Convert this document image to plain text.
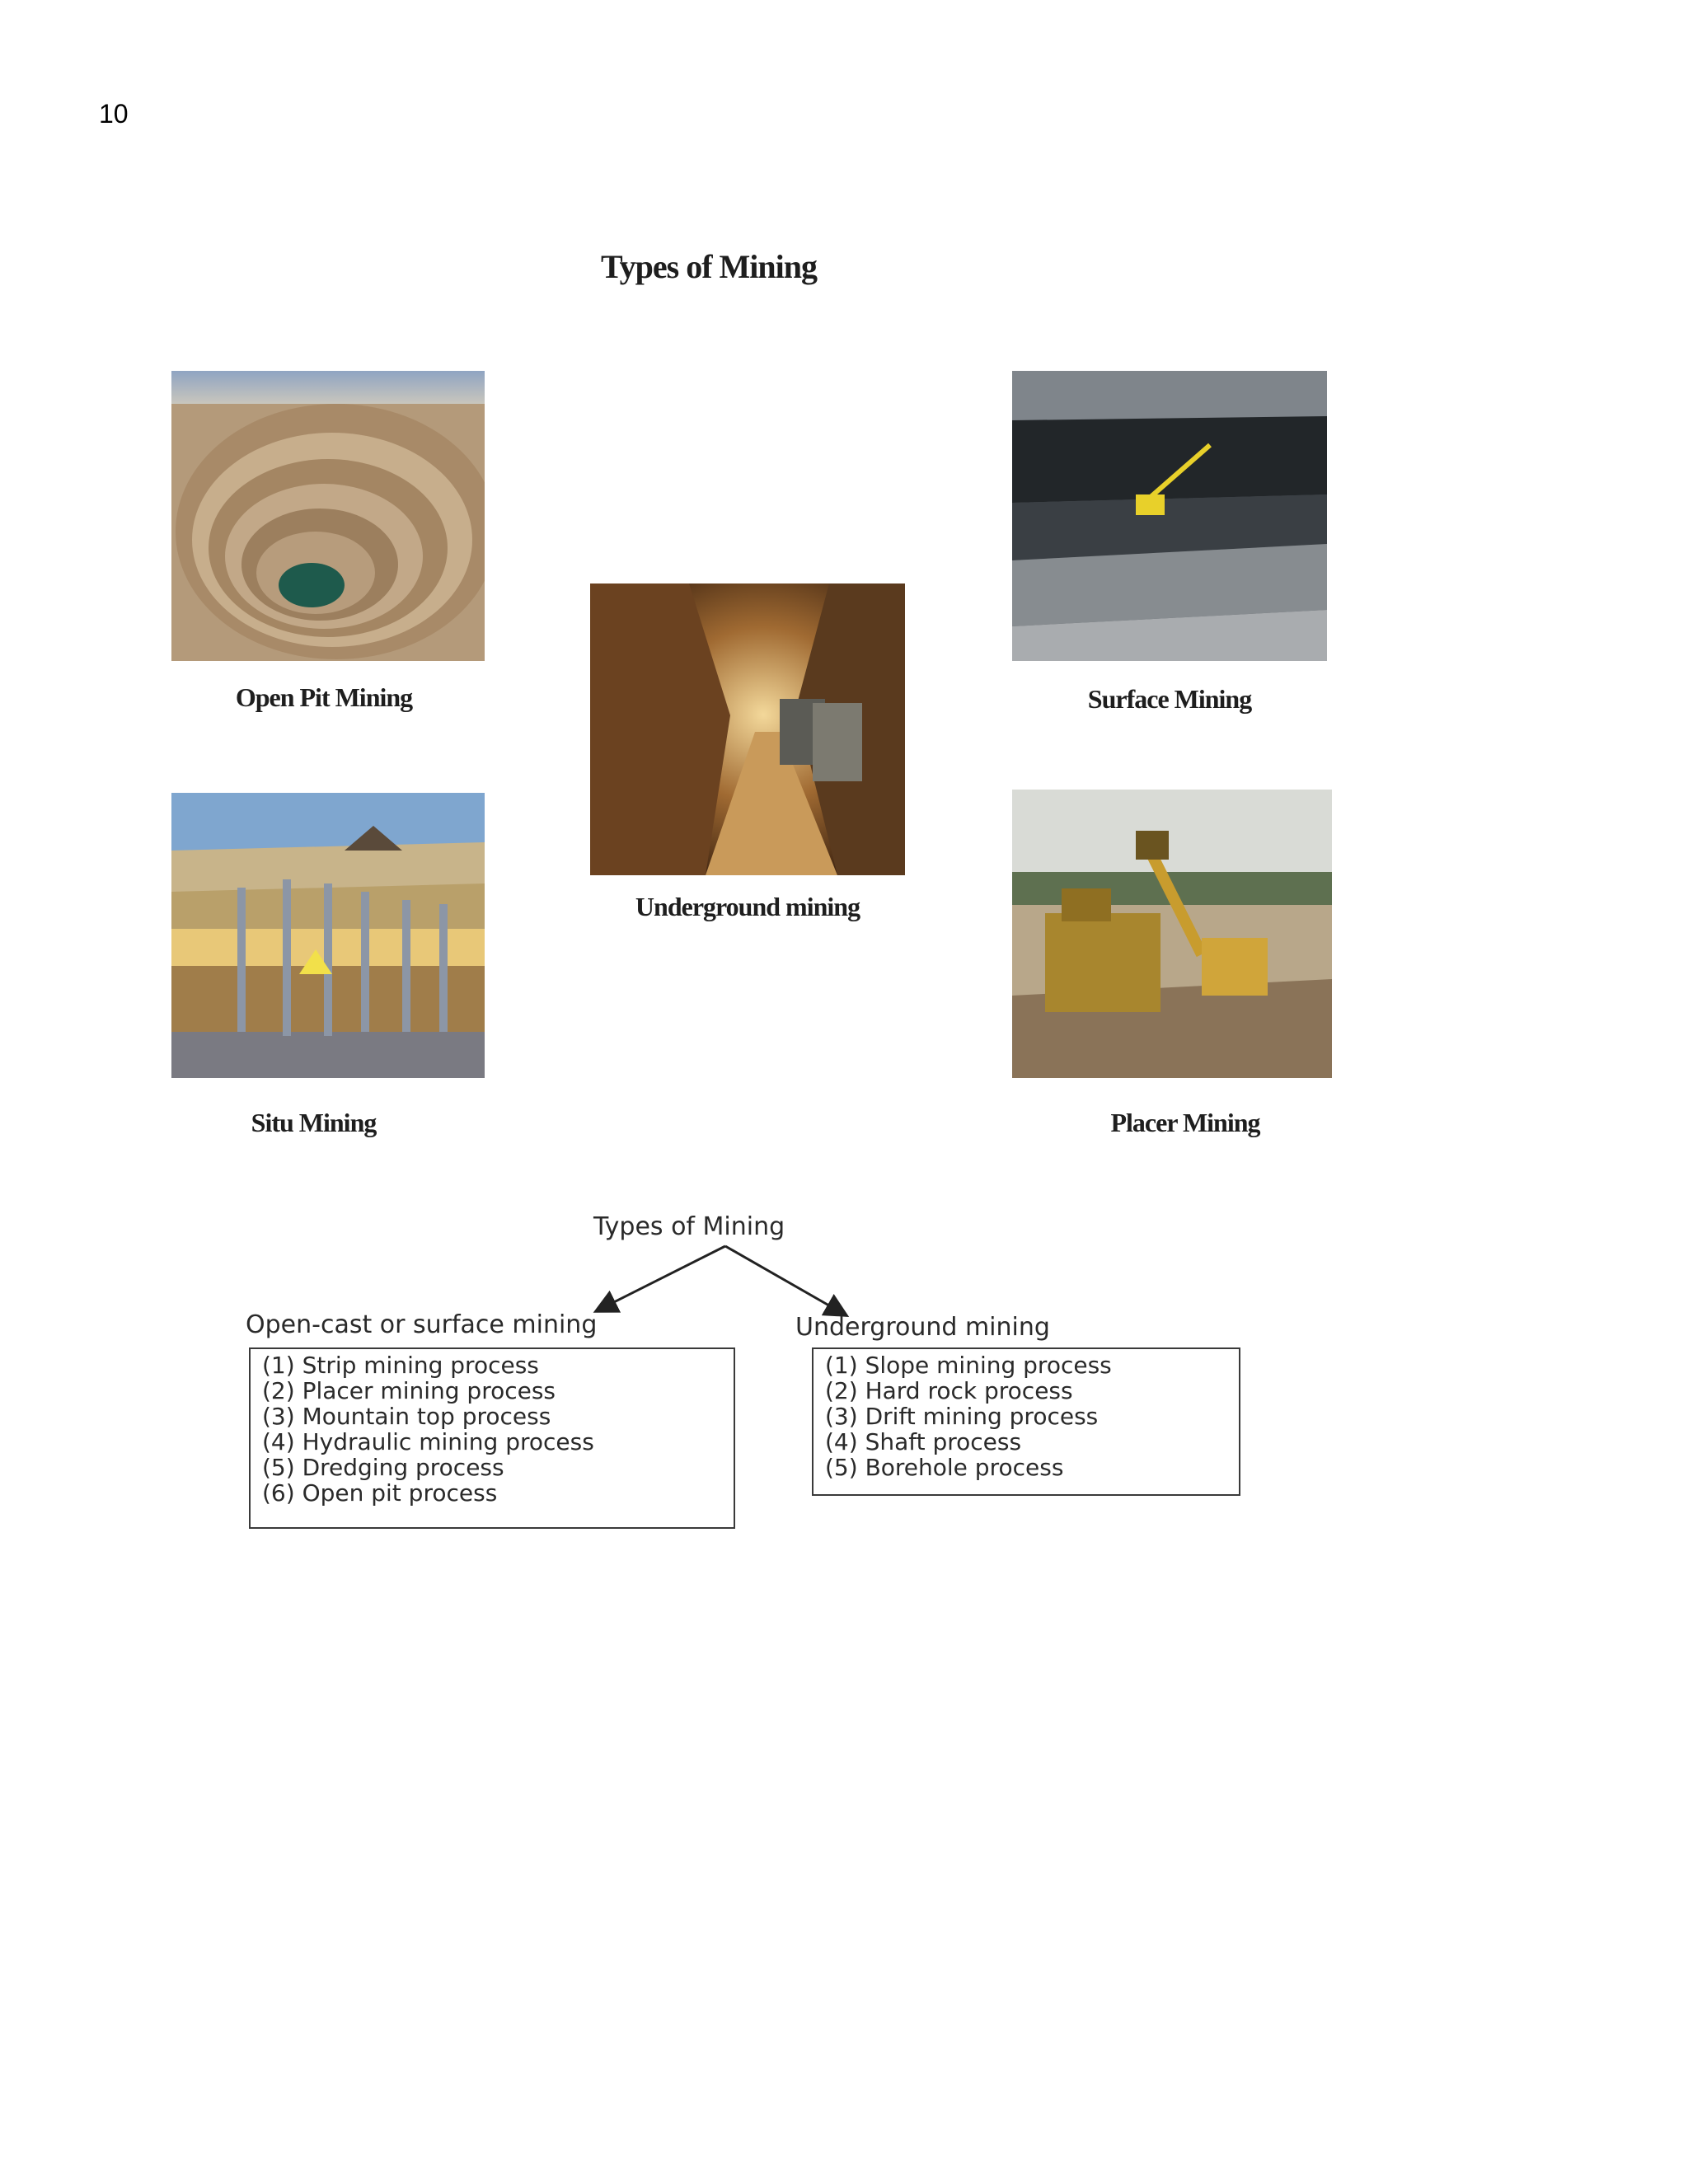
10
Types of Mining
Open Pit Mining	Surface Mining
Underground mining
Situ Mining	Placer Mining
Types of Mining
Open-cast or surface mining	Underground mining
(1) Strip mining process
(2) Placer mining process
(3) Mountain top process
(4) Hydraulic mining process
(5) Dredging process
(6) Open pit process
(1) Slope mining process
(2) Hard rock process
(3) Drift mining process
(4) Shaft process
(5) Borehole process
